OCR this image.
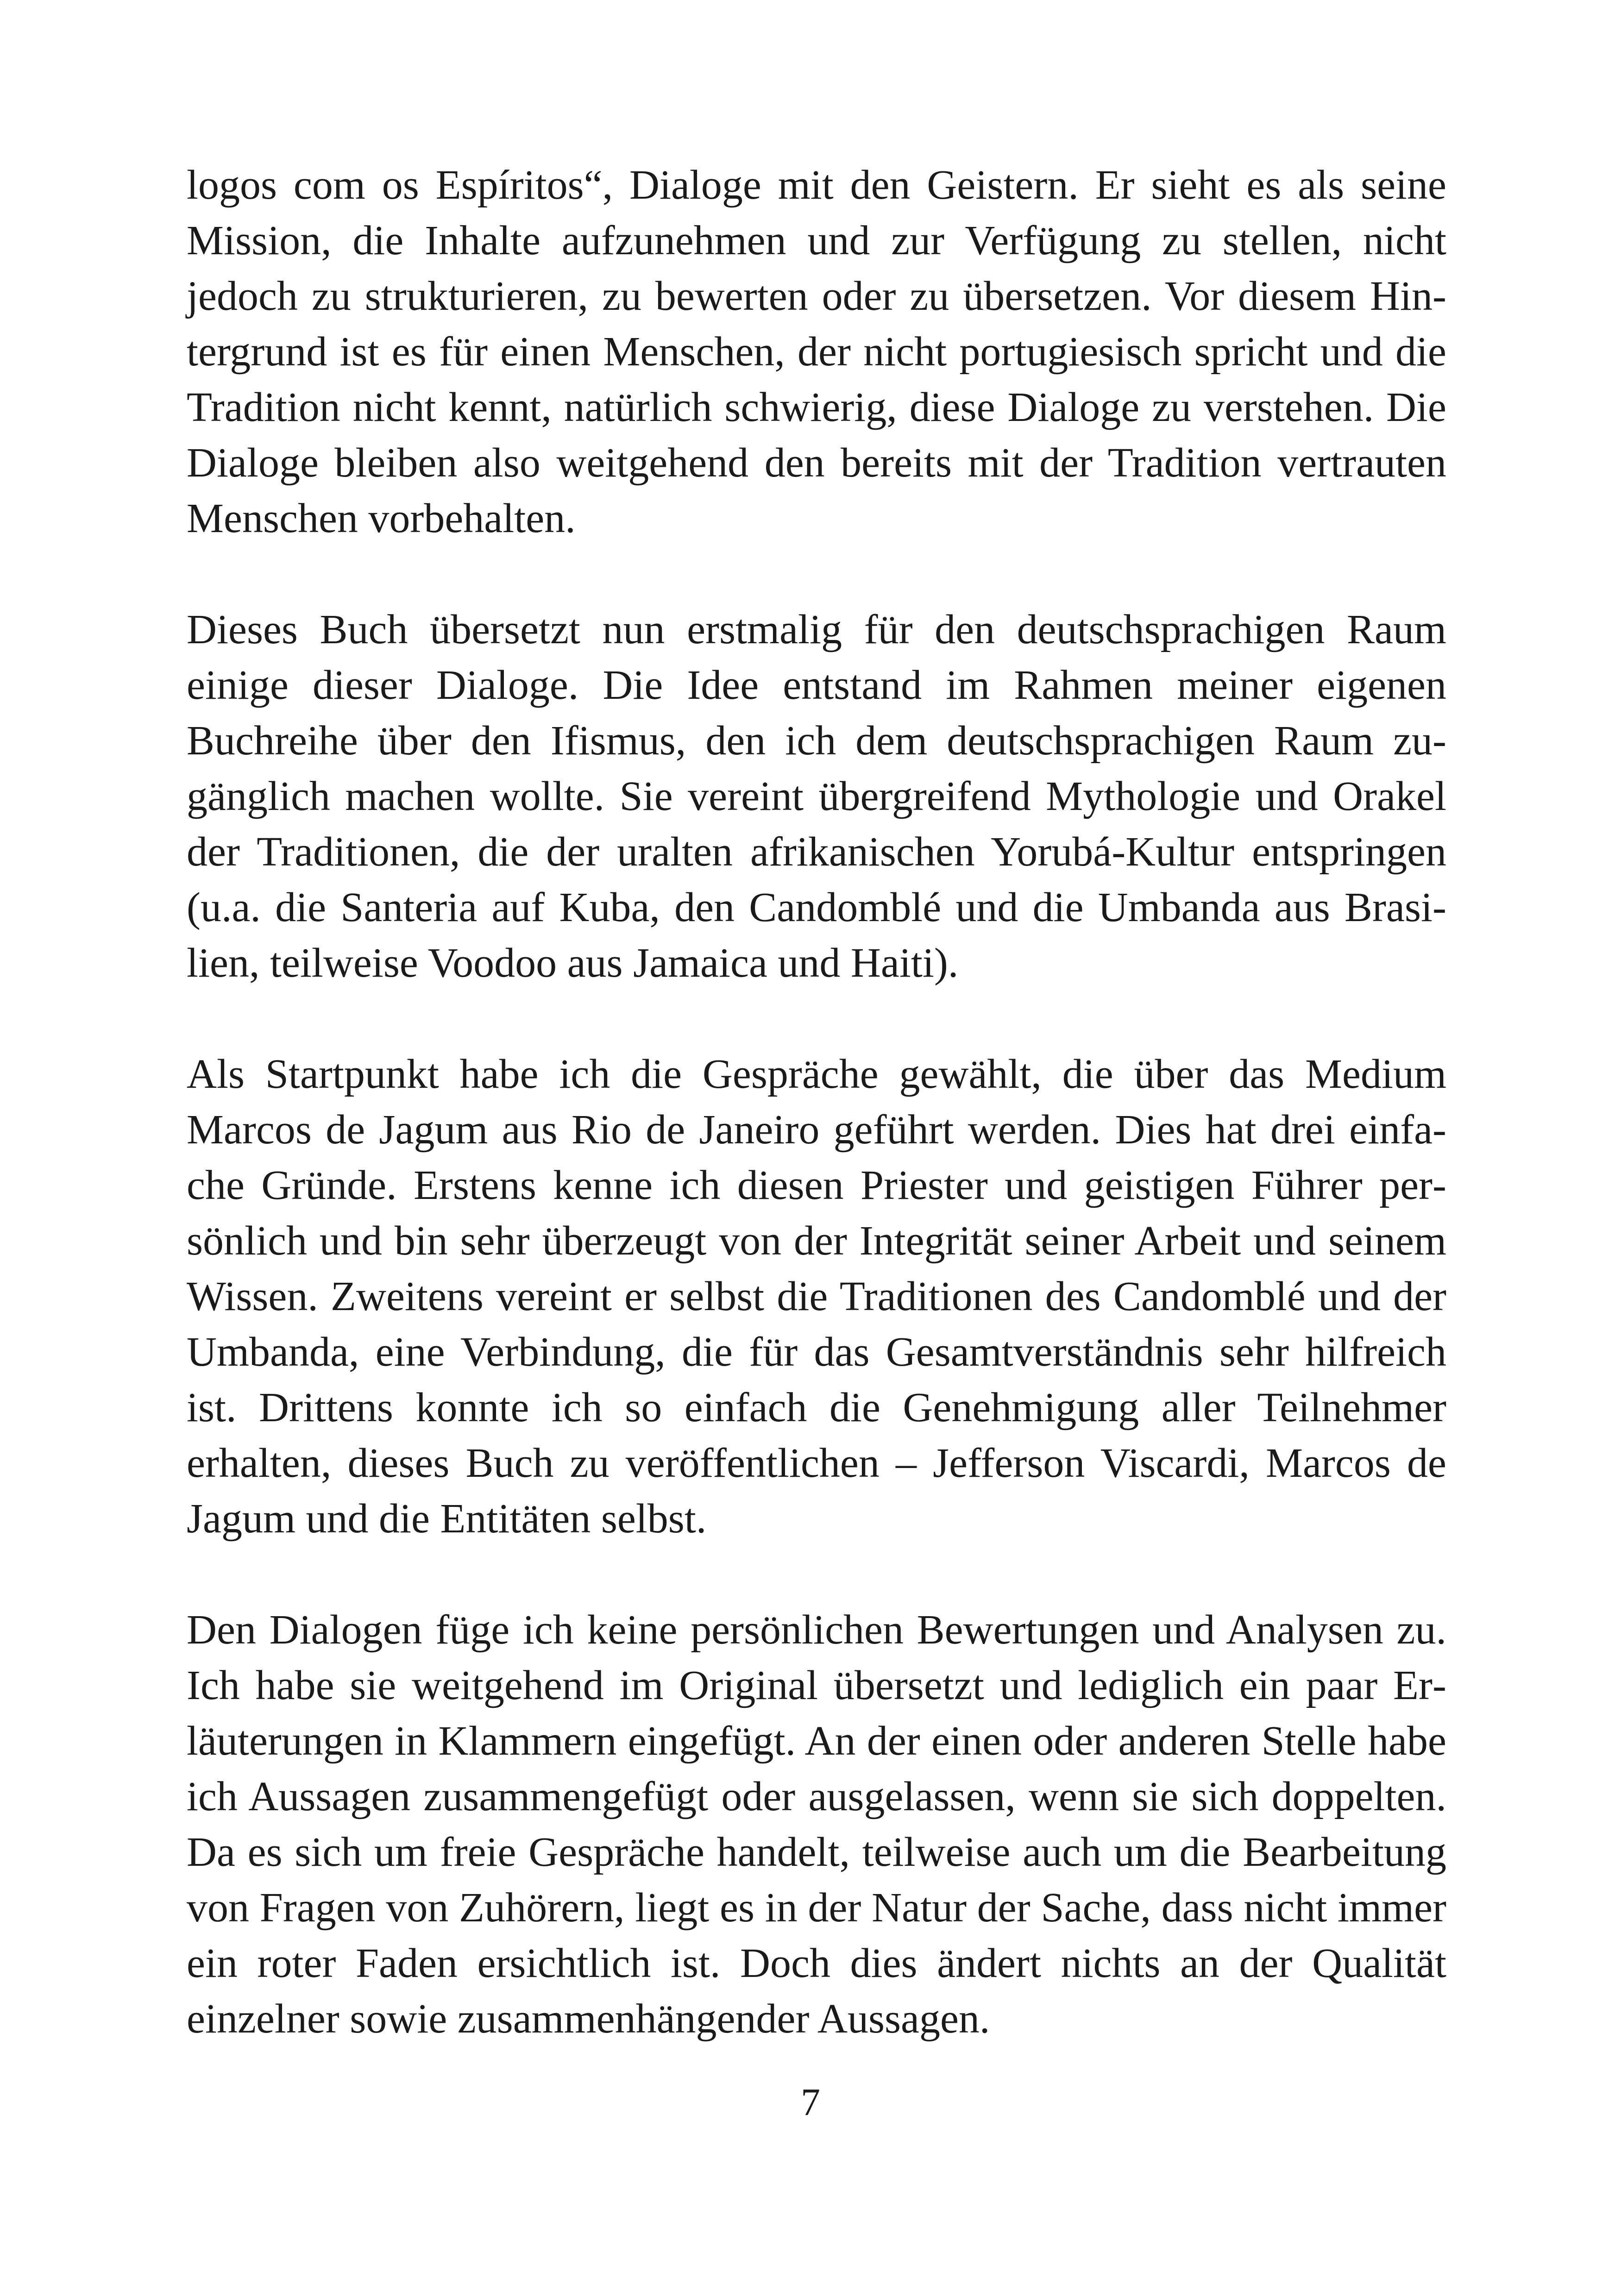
logos com os Espíritos“, Dialoge mit den Geistern. Er sieht es als seine Mission, die Inhalte aufzunehmen und zur Verfügung zu stellen, nicht jedoch zu strukturieren, zu bewerten oder zu übersetzen. Vor diesem Hintergrund ist es für einen Menschen, der nicht portugiesisch spricht und die Tradition nicht kennt, natürlich schwierig, diese Dialoge zu verstehen. Die Dialoge bleiben also weitgehend den bereits mit der Tradition vertrauten Menschen vorbehalten.

Dieses Buch übersetzt nun erstmalig für den deutschsprachigen Raum einige dieser Dialoge. Die Idee entstand im Rahmen meiner eigenen Buchreihe über den Ifismus, den ich dem deutschsprachigen Raum zugänglich machen wollte. Sie vereint übergreifend Mythologie und Orakel der Traditionen, die der uralten afrikanischen Yorubá-Kultur entspringen (u.a. die Santeria auf Kuba, den Candomblé und die Umbanda aus Brasilien, teilweise Voodoo aus Jamaica und Haiti).

Als Startpunkt habe ich die Gespräche gewählt, die über das Medium Marcos de Jagum aus Rio de Janeiro geführt werden. Dies hat drei einfache Gründe. Erstens kenne ich diesen Priester und geistigen Führer persönlich und bin sehr überzeugt von der Integrität seiner Arbeit und seinem Wissen. Zweitens vereint er selbst die Traditionen des Candomblé und der Umbanda, eine Verbindung, die für das Gesamtverständnis sehr hilfreich ist. Drittens konnte ich so einfach die Genehmigung aller Teilnehmer erhalten, dieses Buch zu veröffentlichen – Jefferson Viscardi, Marcos de Jagum und die Entitäten selbst.

Den Dialogen füge ich keine persönlichen Bewertungen und Analysen zu. Ich habe sie weitgehend im Original übersetzt und lediglich ein paar Erläuterungen in Klammern eingefügt. An der einen oder anderen Stelle habe ich Aussagen zusammengefügt oder ausgelassen, wenn sie sich doppelten. Da es sich um freie Gespräche handelt, teilweise auch um die Bearbeitung von Fragen von Zuhörern, liegt es in der Natur der Sache, dass nicht immer ein roter Faden ersichtlich ist. Doch dies ändert nichts an der Qualität einzelner sowie zusammenhängender Aussagen.

7
